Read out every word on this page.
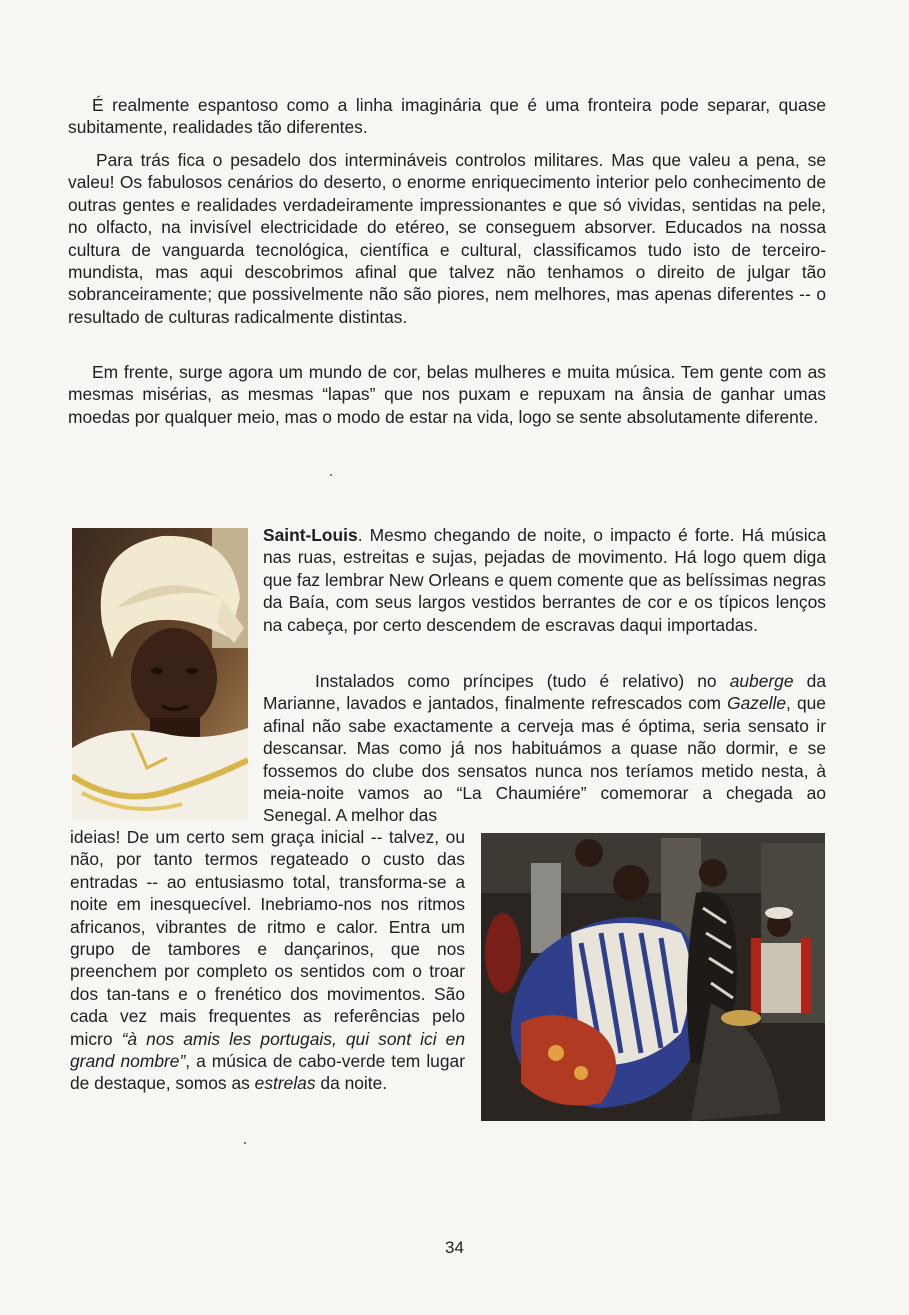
É realmente espantoso como a linha imaginária que é uma fronteira pode separar, quase subitamente, realidades tão diferentes.

Para trás fica o pesadelo dos intermináveis controlos militares. Mas que valeu a pena, se valeu! Os fabulosos cenários do deserto, o enorme enriquecimento interior pelo conhecimento de outras gentes e realidades verdadeiramente impressionantes e que só vividas, sentidas na pele, no olfacto, na invisível electricidade do etéreo, se conseguem absorver. Educados na nossa cultura de vanguarda tecnológica, científica e cultural, classificamos tudo isto de terceiro-mundista, mas aqui descobrimos afinal que talvez não tenhamos o direito de julgar tão sobranceiramente; que possivelmente não são piores, nem melhores, mas apenas diferentes -- o resultado de culturas radicalmente distintas.

Em frente, surge agora um mundo de cor, belas mulheres e muita música. Tem gente com as mesmas misérias, as mesmas “lapas” que nos puxam e repuxam na ânsia de ganhar umas moedas por qualquer meio, mas o modo de estar na vida, logo se sente absolutamente diferente.

Saint-Louis. Mesmo chegando de noite, o impacto é forte. Há música nas ruas, estreitas e sujas, pejadas de movimento. Há logo quem diga que faz lembrar New Orleans e quem comente que as belíssimas negras da Baía, com seus largos vestidos berrantes de cor e os típicos lenços na cabeça, por certo descendem de escravas daqui importadas.

Instalados como príncipes (tudo é relativo) no auberge da Marianne, lavados e jantados, finalmente refrescados com Gazelle, que afinal não sabe exactamente a cerveja mas é óptima, seria sensato ir descansar. Mas como já nos habituámos a quase não dormir, e se fossemos do clube dos sensatos nunca nos teríamos metido nesta, à meia-noite vamos ao “La Chaumiére” comemorar a chegada ao Senegal. A melhor das

ideias! De um certo sem graça inicial -- talvez, ou não, por tanto termos regateado o custo das entradas -- ao entusiasmo total, transforma-se a noite em inesquecível. Inebriamo-nos nos ritmos africanos, vibrantes de ritmo e calor. Entra um grupo de tambores e dançarinos, que nos preenchem por completo os sentidos com o troar dos tan-tans e o frenético dos movimentos. São cada vez mais frequentes as referências pelo micro “à nos amis les portugais, qui sont ici en grand nombre”, a música de cabo-verde tem lugar de destaque, somos as estrelas da noite.

34
